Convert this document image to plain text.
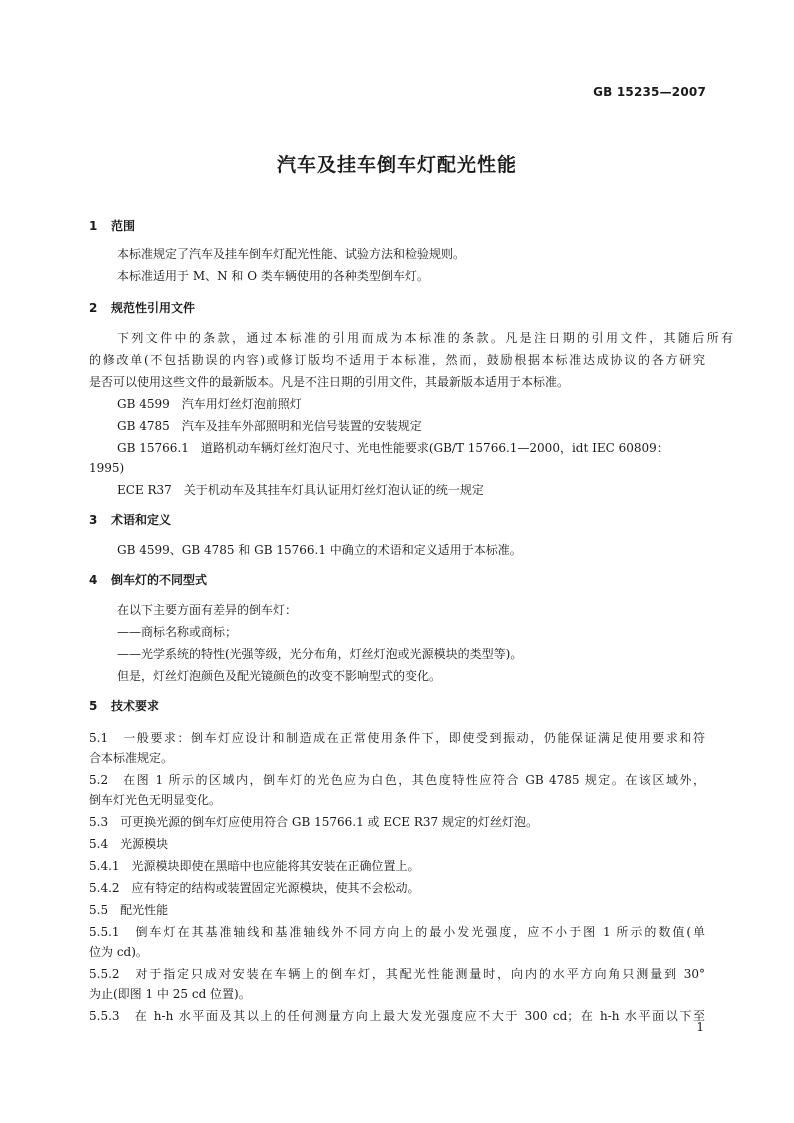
GB 15235—2007
汽车及挂车倒车灯配光性能
1 范围
本标准规定了汽车及挂车倒车灯配光性能、试验方法和检验规则。
本标准适用于 M、N 和 O 类车辆使用的各种类型倒车灯。
2 规范性引用文件
下列文件中的条款，通过本标准的引用而成为本标准的条款。凡是注日期的引用文件，其随后所有
的修改单(不包括勘误的内容)或修订版均不适用于本标准，然而，鼓励根据本标准达成协议的各方研究
是否可以使用这些文件的最新版本。凡是不注日期的引用文件，其最新版本适用于本标准。
GB 4599　汽车用灯丝灯泡前照灯
GB 4785　汽车及挂车外部照明和光信号装置的安装规定
GB 15766.1　道路机动车辆灯丝灯泡尺寸、光电性能要求(GB/T 15766.1—2000，idt IEC 60809：
1995)
ECE R37　关于机动车及其挂车灯具认证用灯丝灯泡认证的统一规定
3 术语和定义
GB 4599、GB 4785 和 GB 15766.1 中确立的术语和定义适用于本标准。
4 倒车灯的不同型式
在以下主要方面有差异的倒车灯：
——商标名称或商标；
——光学系统的特性(光强等级，光分布角，灯丝灯泡或光源模块的类型等)。
但是，灯丝灯泡颜色及配光镜颜色的改变不影响型式的变化。
5 技术要求
5.1　一般要求：倒车灯应设计和制造成在正常使用条件下，即使受到振动，仍能保证满足使用要求和符
合本标准规定。
5.2　在图 1 所示的区域内，倒车灯的光色应为白色，其色度特性应符合 GB 4785 规定。在该区域外，
倒车灯光色无明显变化。
5.3　可更换光源的倒车灯应使用符合 GB 15766.1 或 ECE R37 规定的灯丝灯泡。
5.4　光源模块
5.4.1　光源模块即使在黑暗中也应能将其安装在正确位置上。
5.4.2　应有特定的结构或装置固定光源模块，使其不会松动。
5.5　配光性能
5.5.1　倒车灯在其基准轴线和基准轴线外不同方向上的最小发光强度，应不小于图 1 所示的数值(单
位为 cd)。
5.5.2　对于指定只成对安装在车辆上的倒车灯，其配光性能测量时，向内的水平方向角只测量到 30°
为止(即图 1 中 25 cd 位置)。
5.5.3　在 h-h 水平面及其以上的任何测量方向上最大发光强度应不大于 300 cd；在 h-h 水平面以下至
1
